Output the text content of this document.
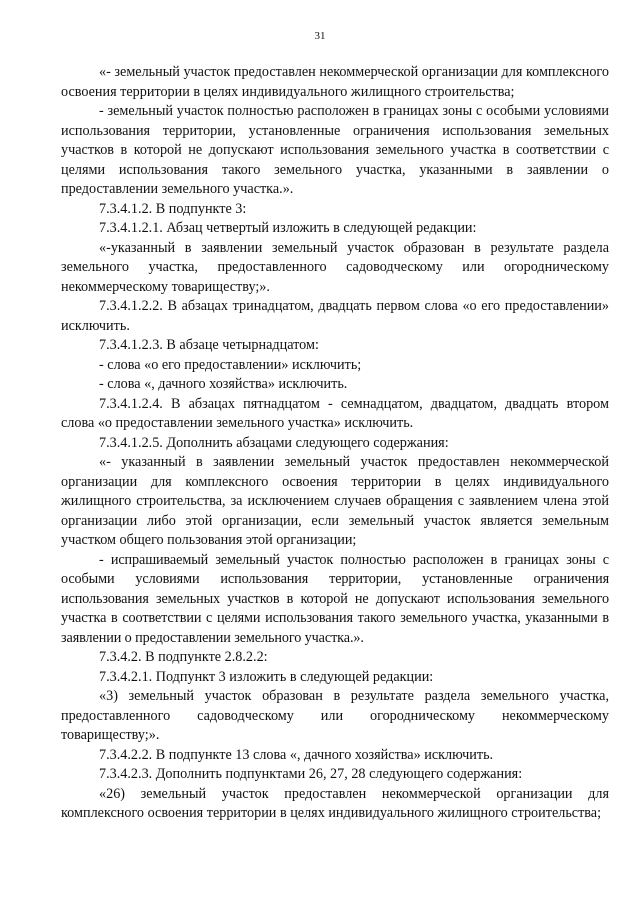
31

«- земельный участок предоставлен некоммерческой организации для комплексного освоения территории в целях индивидуального жилищного строительства;

- земельный участок полностью расположен в границах зоны с особыми условиями использования территории, установленные ограничения использования земельных участков в которой не допускают использования земельного участка в соответствии с целями использования такого земельного участка, указанными в заявлении о предоставлении земельного участка.».

7.3.4.1.2. В подпункте 3:

7.3.4.1.2.1. Абзац четвертый изложить в следующей редакции:

«-указанный в заявлении земельный участок образован в результате раздела земельного участка, предоставленного садоводческому или огородническому некоммерческому товариществу;».

7.3.4.1.2.2. В абзацах тринадцатом, двадцать первом слова «о его предоставлении» исключить.

7.3.4.1.2.3. В абзаце четырнадцатом:

- слова «о его предоставлении» исключить;

- слова «, дачного хозяйства» исключить.

7.3.4.1.2.4. В абзацах пятнадцатом - семнадцатом, двадцатом, двадцать втором слова «о предоставлении земельного участка» исключить.

7.3.4.1.2.5. Дополнить абзацами следующего содержания:

«- указанный в заявлении земельный участок предоставлен некоммерческой организации для комплексного освоения территории в целях индивидуального жилищного строительства, за исключением случаев обращения с заявлением члена этой организации либо этой организации, если земельный участок является земельным участком общего пользования этой организации;

- испрашиваемый земельный участок полностью расположен в границах зоны с особыми условиями использования территории, установленные ограничения использования земельных участков в которой не допускают использования земельного участка в соответствии с целями использования такого земельного участка, указанными в заявлении о предоставлении земельного участка.».

7.3.4.2. В подпункте 2.8.2.2:

7.3.4.2.1. Подпункт 3 изложить в следующей редакции:

«3) земельный участок образован в результате раздела земельного участка, предоставленного садоводческому или огородническому некоммерческому товариществу;».

7.3.4.2.2. В подпункте 13 слова «, дачного хозяйства» исключить.

7.3.4.2.3. Дополнить подпунктами 26, 27, 28 следующего содержания:

«26) земельный участок предоставлен некоммерческой организации для комплексного освоения территории в целях индивидуального жилищного строительства;
